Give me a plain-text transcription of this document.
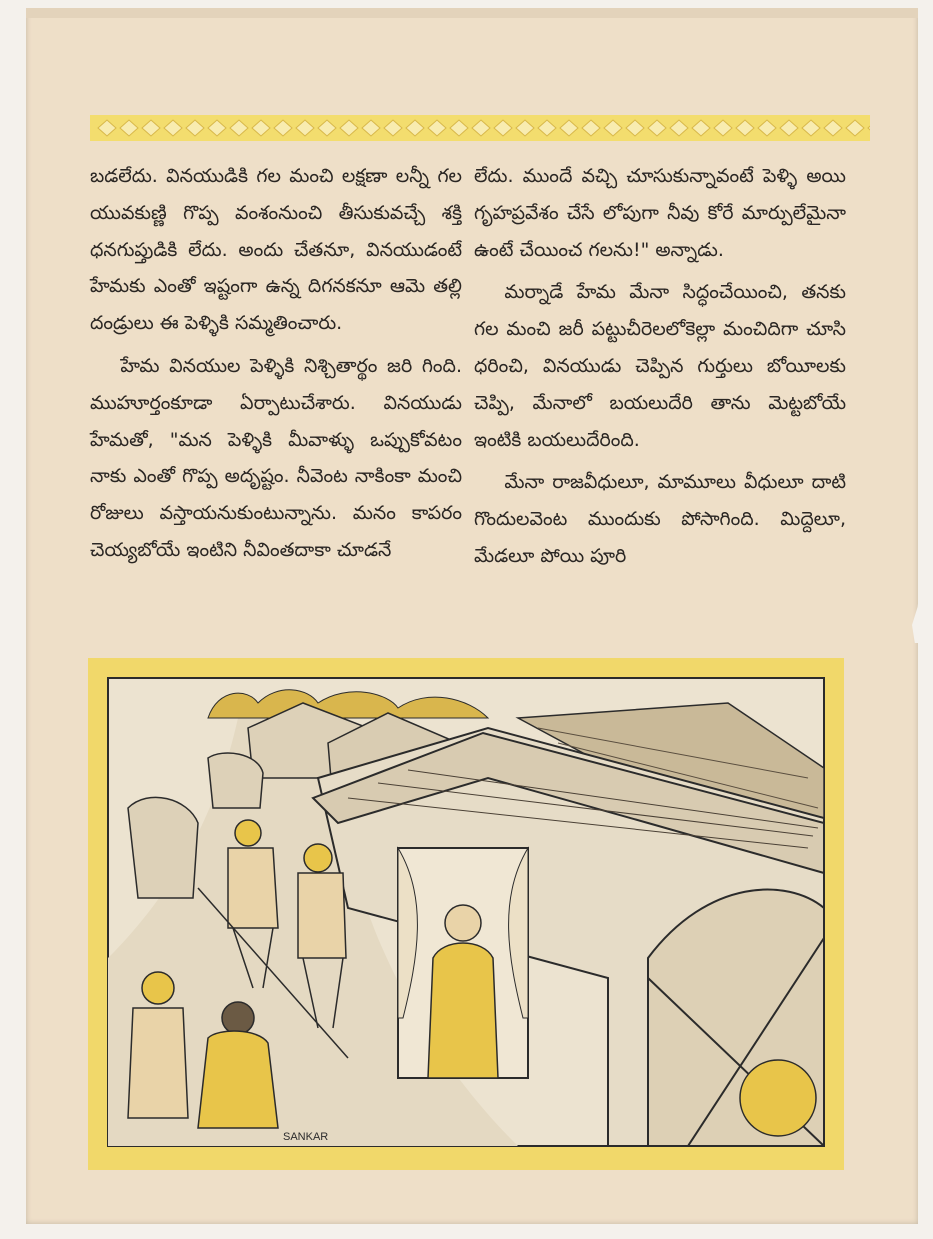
బడలేదు. వినయుడికి గల మంచి లక్షణా లన్నీ గల యువకుణ్ణి గొప్ప వంశంనుంచి తీసుకువచ్చే శక్తి ధనగుప్తుడికి లేదు. అందు చేతనూ, వినయుడంటే హేమకు ఎంతో ఇష్టంగా ఉన్న దిగనకనూ ఆమె తల్లి దండ్రులు ఈ పెళ్ళికి సమ్మతించారు.

హేమ వినయుల పెళ్ళికి నిశ్చితార్థం జరి గింది. ముహూర్తంకూడా ఏర్పాటుచేశారు. వినయుడు హేమతో, "మన పెళ్ళికి మీవాళ్ళు ఒప్పుకోవటం నాకు ఎంతో గొప్ప అదృష్టం. నీవెంట నాకింకా మంచి రోజులు వస్తాయనుకుంటున్నాను. మనం కాపరం చెయ్యబోయే ఇంటిని నీవింతదాకా చూడనే

లేదు. ముందే వచ్చి చూసుకున్నావంటే పెళ్ళి అయి గృహప్రవేశం చేసే లోపుగా నీవు కోరే మార్పులేమైనా ఉంటే చేయించ గలను!" అన్నాడు.

మర్నాడే హేమ మేనా సిద్ధంచేయించి, తనకు గల మంచి జరీ పట్టుచీరెలలోకెల్లా మంచిదిగా చూసి ధరించి, వినయుడు చెప్పిన గుర్తులు బోయీలకు చెప్పి, మేనాలో బయలుదేరి తాను మెట్టబోయే ఇంటికి బయలుదేరింది.

మేనా రాజవీధులూ, మామూలు వీధులూ దాటి గొందులవెంట ముందుకు పోసాగింది. మిద్దెలూ, మేడలూ పోయి పూరి

SANKAR
